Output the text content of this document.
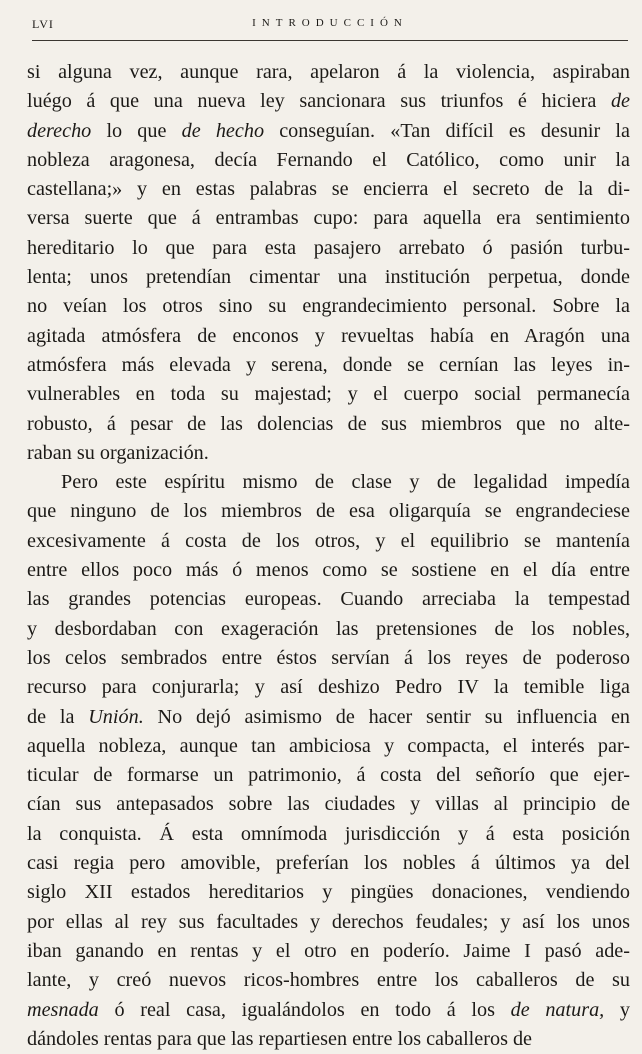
LVI	INTRODUCCIÓN
si alguna vez, aunque rara, apelaron á la violencia, aspiraban
luégo á que una nueva ley sancionara sus triunfos é hiciera de
derecho lo que de hecho conseguían. «Tan difícil es desunir la
nobleza aragonesa, decía Fernando el Católico, como unir la
castellana;» y en estas palabras se encierra el secreto de la di-
versa suerte que á entrambas cupo: para aquella era sentimiento
hereditario lo que para esta pasajero arrebato ó pasión turbu-
lenta; unos pretendían cimentar una institución perpetua, donde
no veían los otros sino su engrandecimiento personal. Sobre la
agitada atmósfera de enconos y revueltas había en Aragón una
atmósfera más elevada y serena, donde se cernían las leyes in-
vulnerables en toda su majestad; y el cuerpo social permanecía
robusto, á pesar de las dolencias de sus miembros que no alte-
raban su organización.
Pero este espíritu mismo de clase y de legalidad impedía
que ninguno de los miembros de esa oligarquía se engrandeciese
excesivamente á costa de los otros, y el equilibrio se mantenía
entre ellos poco más ó menos como se sostiene en el día entre
las grandes potencias europeas. Cuando arreciaba la tempestad
y desbordaban con exageración las pretensiones de los nobles,
los celos sembrados entre éstos servían á los reyes de poderoso
recurso para conjurarla; y así deshizo Pedro IV la temible liga
de la Unión. No dejó asimismo de hacer sentir su influencia en
aquella nobleza, aunque tan ambiciosa y compacta, el interés par-
ticular de formarse un patrimonio, á costa del señorío que ejer-
cían sus antepasados sobre las ciudades y villas al principio de
la conquista. Á esta omnímoda jurisdicción y á esta posición
casi regia pero amovible, preferían los nobles á últimos ya del
siglo XII estados hereditarios y pingües donaciones, vendiendo
por ellas al rey sus facultades y derechos feudales; y así los unos
iban ganando en rentas y el otro en poderío. Jaime I pasó ade-
lante, y creó nuevos ricos-hombres entre los caballeros de su
mesnada ó real casa, igualándolos en todo á los de natura, y
dándoles rentas para que las repartiesen entre los caballeros de
